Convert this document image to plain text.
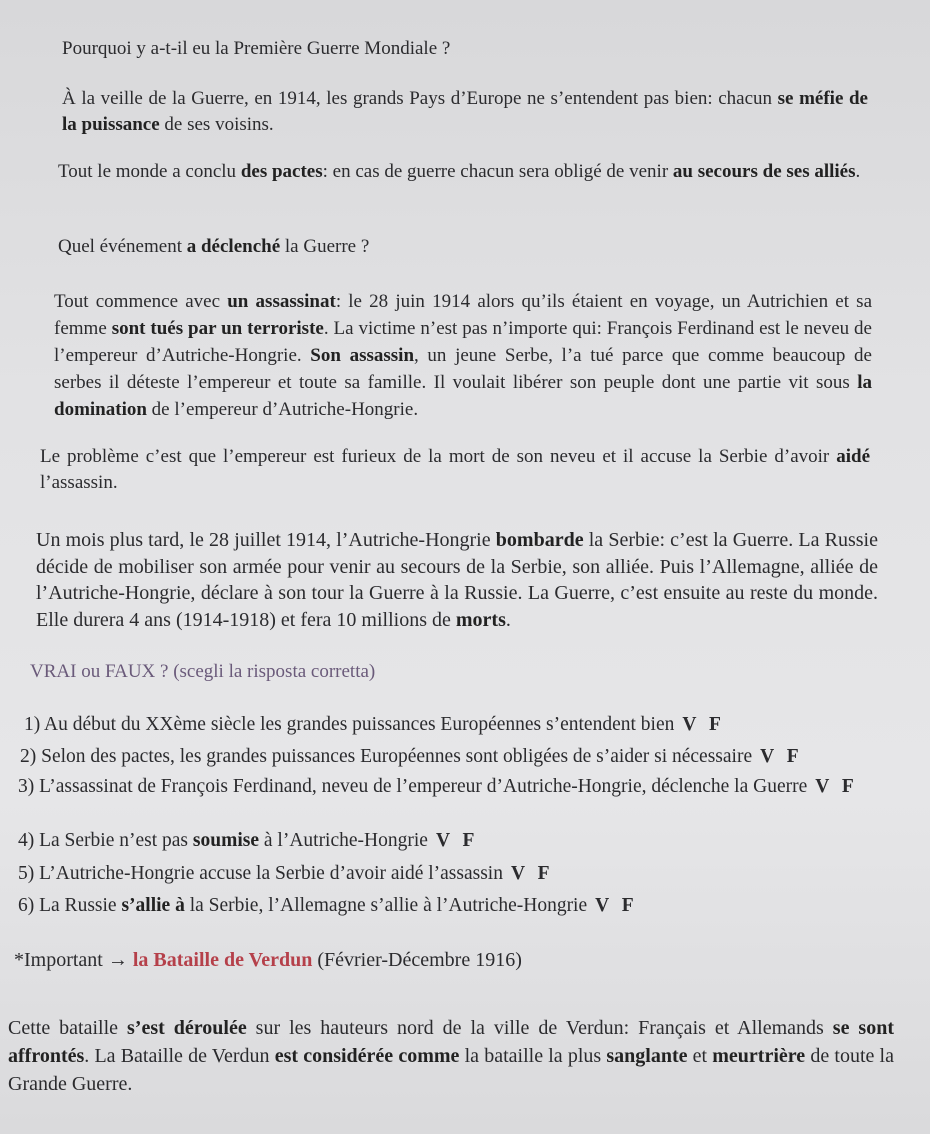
Pourquoi y a-t-il eu la Première Guerre Mondiale ?

À la veille de la Guerre, en 1914, les grands Pays d’Europe ne s’entendent pas bien: chacun se méfie de la puissance de ses voisins.

Tout le monde a conclu des pactes: en cas de guerre chacun sera obligé de venir au secours de ses alliés.

Quel événement a déclenché la Guerre ?

Tout commence avec un assassinat: le 28 juin 1914 alors qu’ils étaient en voyage, un Autrichien et sa femme sont tués par un terroriste. La victime n’est pas n’importe qui: François Ferdinand est le neveu de l’empereur d’Autriche-Hongrie. Son assassin, un jeune Serbe, l’a tué parce que comme beaucoup de serbes il déteste l’empereur et toute sa famille. Il voulait libérer son peuple dont une partie vit sous la domination de l’empereur d’Autriche-Hongrie.

Le problème c’est que l’empereur est furieux de la mort de son neveu et il accuse la Serbie d’avoir aidé l’assassin.

Un mois plus tard, le 28 juillet 1914, l’Autriche-Hongrie bombarde la Serbie: c’est la Guerre. La Russie décide de mobiliser son armée pour venir au secours de la Serbie, son alliée. Puis l’Allemagne, alliée de l’Autriche-Hongrie, déclare à son tour la Guerre à la Russie. La Guerre, c’est ensuite au reste du monde. Elle durera 4 ans (1914-1918) et fera 10 millions de morts.

VRAI ou FAUX ? (scegli la risposta corretta)

1) Au début du XXème siècle les grandes puissances Européennes s’entendent bien V F
2) Selon des pactes, les grandes puissances Européennes sont obligées de s’aider si nécessaire V F
3) L’assassinat de François Ferdinand, neveu de l’empereur d’Autriche-Hongrie, déclenche la Guerre V F
4) La Serbie n’est pas soumise à l’Autriche-Hongrie V F
5) L’Autriche-Hongrie accuse la Serbie d’avoir aidé l’assassin V F
6) La Russie s’allie à la Serbie, l’Allemagne s’allie à l’Autriche-Hongrie V F
*Important → la Bataille de Verdun (Février-Décembre 1916)

Cette bataille s’est déroulée sur les hauteurs nord de la ville de Verdun: Français et Allemands se sont affrontés. La Bataille de Verdun est considérée comme la bataille la plus sanglante et meurtrière de toute la Grande Guerre.
